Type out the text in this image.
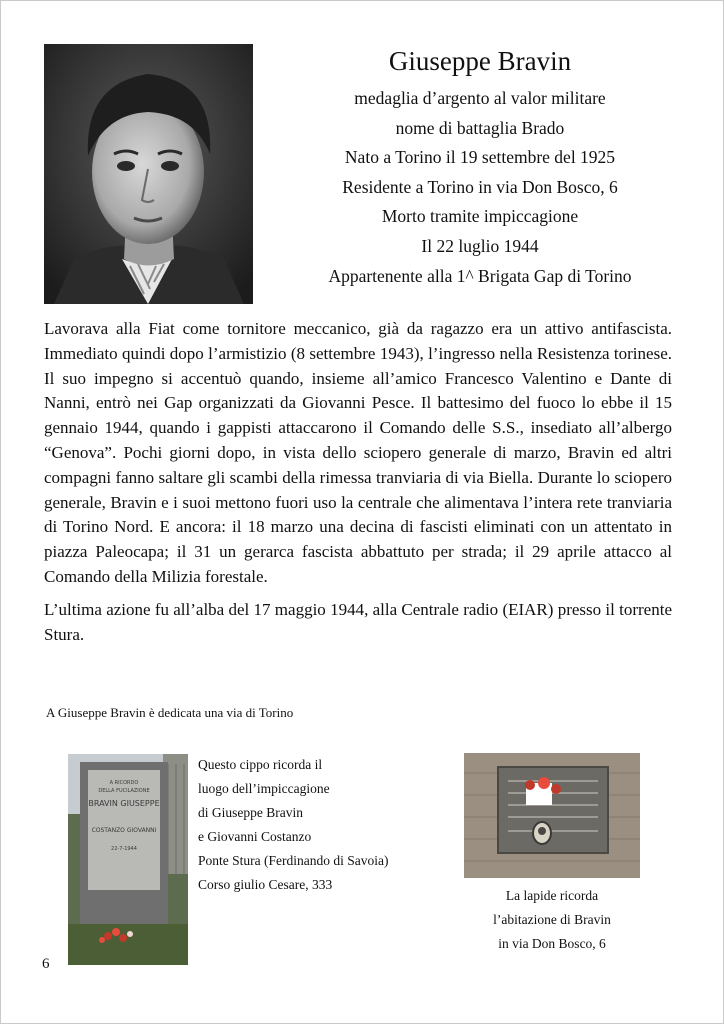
Giuseppe Bravin
medaglia d’argento al valor militare
nome di battaglia Brado
Nato a Torino il 19 settembre del 1925
Residente a Torino in via Don Bosco, 6
Morto tramite impiccagione
Il 22 luglio 1944
Appartenente alla 1^ Brigata Gap di Torino

Lavorava alla Fiat come tornitore meccanico, già da ragazzo era un attivo antifascista. Immediato quindi dopo l’armistizio (8 settembre 1943), l’ingresso nella Resistenza torinese. Il suo impegno si accentuò quando, insieme all’amico Francesco Valentino e Dante di Nanni, entrò nei Gap organizzati da Giovanni Pesce. Il battesimo del fuoco lo ebbe il 15 gennaio 1944, quando i gappisti attaccarono il Comando delle S.S., insediato all’albergo “Genova”. Pochi giorni dopo, in vista dello sciopero generale di marzo, Bravin ed altri compagni fanno saltare gli scambi della rimessa tranviaria di via Biella. Durante lo sciopero generale, Bravin e i suoi mettono fuori uso la centrale che alimentava l’intera rete tranviaria di Torino Nord. E ancora: il 18 marzo una decina di fascisti eliminati con un attentato in piazza Paleocapa; il 31 un gerarca fascista abbattuto per strada; il 29 aprile attacco al Comando della Milizia forestale.

L’ultima azione fu all’alba del 17 maggio 1944, alla Centrale radio (EIAR) presso il torrente Stura.

A Giuseppe Bravin è dedicata una via di Torino
A RICORDO
DELLA FUCILAZIONE
BRAVIN GIUSEPPE
COSTANZO GIOVANNI
22-7-1944
Questo cippo ricorda il
luogo dell’impiccagione
di Giuseppe Bravin
e Giovanni Costanzo
Ponte Stura (Ferdinando di Savoia)
Corso giulio Cesare, 333
La lapide ricorda
l’abitazione di Bravin
in via Don Bosco, 6
6
